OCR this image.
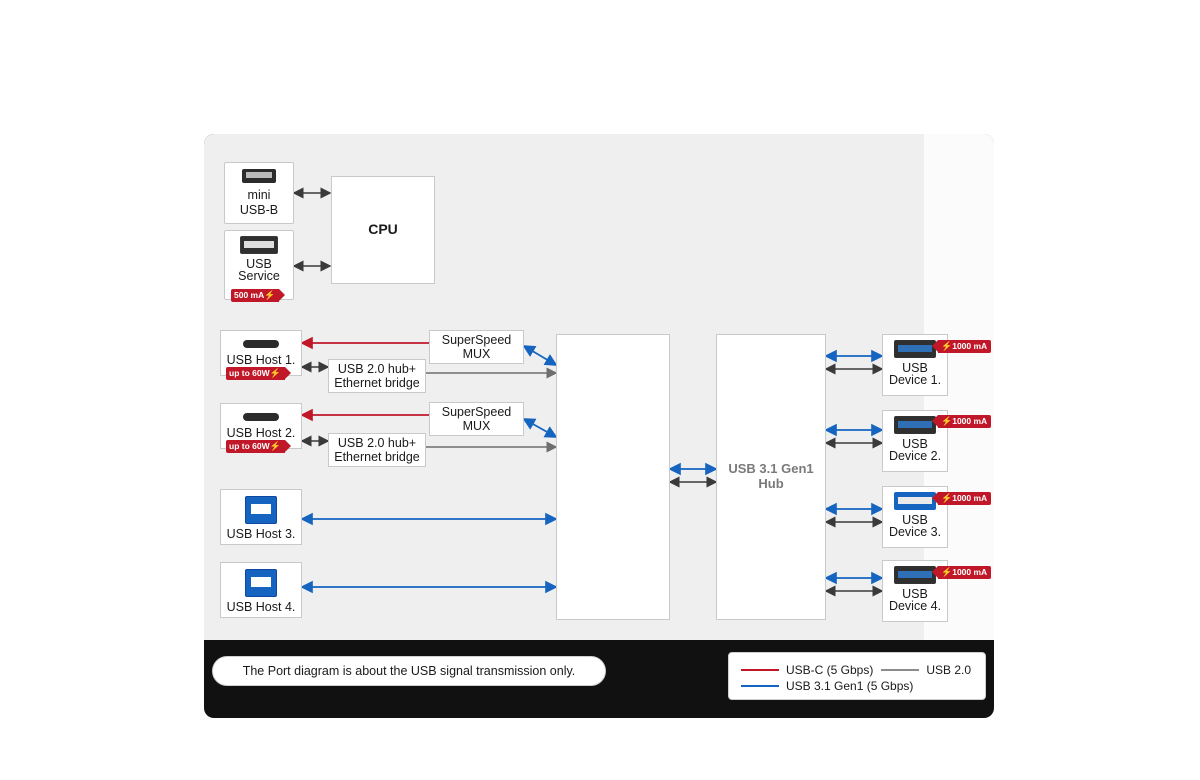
mini
USB-B
USB
Service
500 mA⚡
CPU
SuperSpeed
MUX
USB 2.0 hub+
Ethernet bridge
SuperSpeed
MUX
USB 2.0 hub+
Ethernet bridge
USB Host 1.
up to 60W⚡
USB Host 2.
up to 60W⚡
USB Host 3.
USB Host 4.
USB 3.1 Gen1
Hub
USB
Device 1.
⚡1000 mA
USB
Device 2.
⚡1000 mA
USB
Device 3.
⚡1000 mA
USB
Device 4.
⚡1000 mA
The Port diagram is about the USB signal transmission only.	USB-C (5 Gbps)	USB 2.0
USB 3.1 Gen1 (5 Gbps)
